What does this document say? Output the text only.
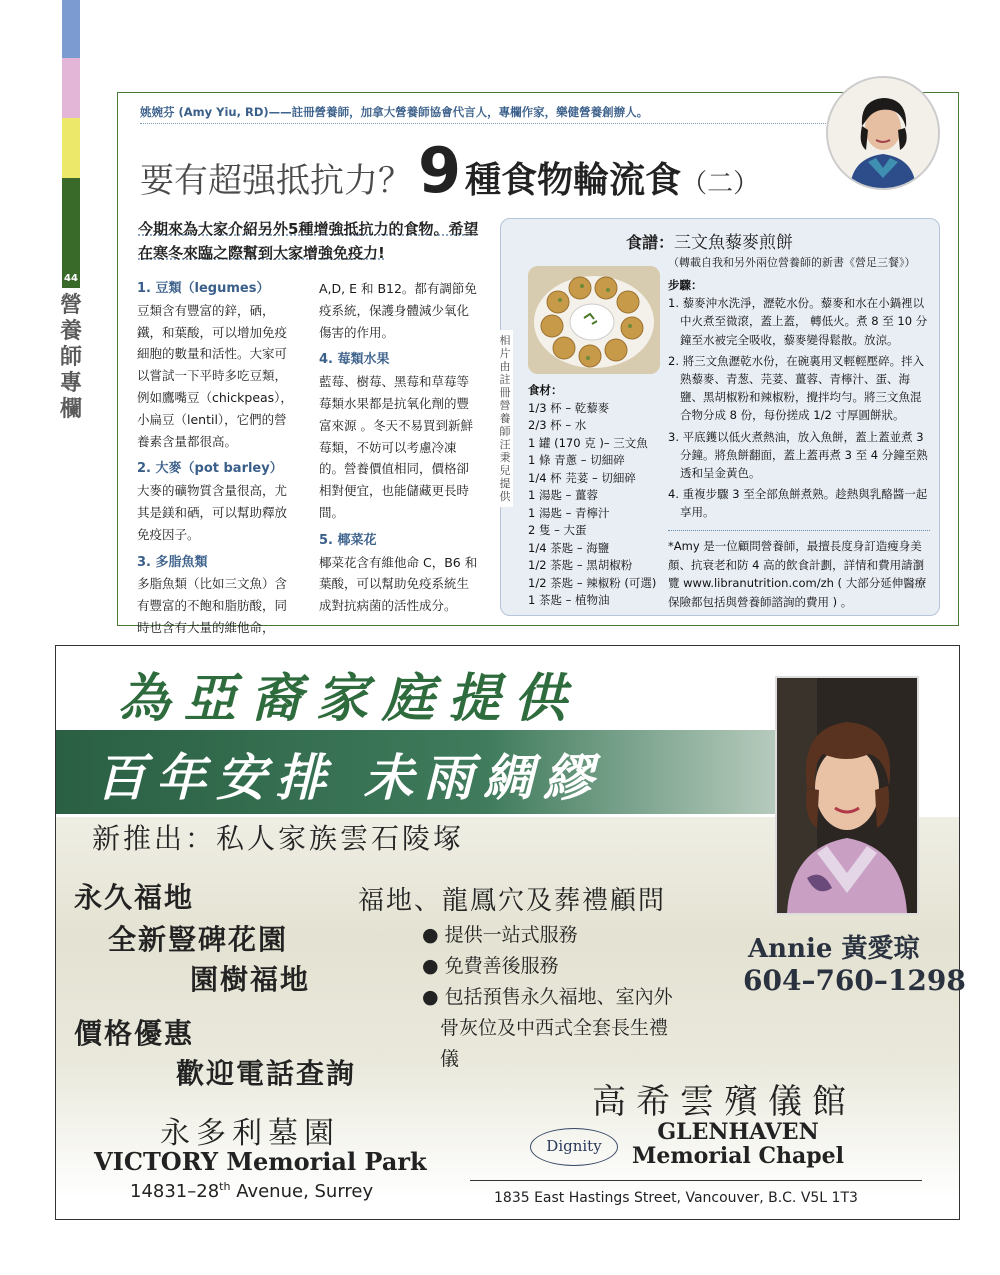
44
營養師專欄
姚婉芬 (Amy Yiu, RD)——註冊營養師，加拿大營養師協會代言人，專欄作家，樂健營養創辦人。
要有超强抵抗力？9 種食物輪流食（二）
今期來為大家介紹另外5種增強抵抗力的食物。希望在寒冬來臨之際幫到大家增強免疫力!
1. 豆類（legumes）
豆類含有豐富的鋅，硒，鐵，和葉酸，可以增加免疫細胞的數量和活性。大家可以嘗試一下平時多吃豆類，例如鷹嘴豆（chickpeas），小扁豆（lentil），它們的營養素含量都很高。
2. 大麥（pot barley）
大麥的礦物質含量很高，尤其是鎂和硒，可以幫助釋放免疫因子。
3. 多脂魚類
多脂魚類（比如三文魚）含有豐富的不飽和脂肪酸，同時也含有大量的維他命，
A,D, E 和 B12。都有調節免疫系統，保護身體減少氧化傷害的作用。
4. 莓類水果
藍莓、樹莓、黑莓和草莓等莓類水果都是抗氧化劑的豐富來源 。冬天不易買到新鮮莓類，不妨可以考慮冷凍的。營養價值相同，價格卻相對便宜，也能儲藏更長時間。
5. 椰菜花
椰菜花含有維他命 C，B6 和葉酸，可以幫助免疫系統生成對抗病菌的活性成分。
食譜：三文魚藜麥煎餅
（轉載自我和另外兩位營養師的新書《營足三餐》）
相片由註冊營養師汪秉兒提供
食材：
1/3 杯 – 乾藜麥
2/3 杯 – 水
1 罐 (170 克 )– 三文魚
1 條 青蔥 – 切細碎
1/4 杯 芫荽 – 切細碎
1 湯匙 – 薑蓉
1 湯匙 – 青檸汁
2 隻 – 大蛋
1/4 茶匙 – 海鹽
1/2 茶匙 – 黑胡椒粉
1/2 茶匙 – 辣椒粉 (可選)
1 茶匙 – 植物油
步驟：
1. 藜麥沖水洗淨，瀝乾水份。藜麥和水在小鍋裡以中火煮至微滾，蓋上蓋， 轉低火。煮 8 至 10 分鐘至水被完全吸收，藜麥變得鬆散。放涼。
2. 將三文魚瀝乾水份，在碗裏用叉輕輕壓碎。拌入熟藜麥、青葱、芫荽、薑蓉、青檸汁、蛋、海鹽、黑胡椒粉和辣椒粉，攪拌均勻。將三文魚混合物分成 8 份，每份搓成 1/2 寸厚圓餅狀。
3. 平底鑊以低火煮熱油，放入魚餅，蓋上蓋並煮 3 分鐘。將魚餅翻面，蓋上蓋再煮 3 至 4 分鐘至熟透和呈金黃色。
4. 重複步驟 3 至全部魚餅煮熟。趁熱與乳酪醬一起享用。
*Amy 是一位顧問營養師，最擅長度身訂造瘦身美顏、抗衰老和防 4 高的飲食計劃，詳情和費用請瀏覽 www.libranutrition.com/zh ( 大部分延伸醫療保險都包括與營養師諮詢的費用 ) 。
為亞裔家庭提供
百年安排 未雨綢繆
新推出：私人家族雲石陵塚
永久福地
全新豎碑花園
園樹福地
價格優惠
歡迎電話查詢
福地、龍鳳穴及葬禮顧問
● 提供一站式服務
● 免費善後服務
● 包括預售永久福地、室內外骨灰位及中西式全套長生禮儀
Annie 黃愛琼
604–760–1298
永多利墓園
VICTORY Memorial Park
14831–28th Avenue, Surrey
高希雲殯儀館
Dignity
GLENHAVEN
Memorial Chapel
1835 East Hastings Street, Vancouver, B.C. V5L 1T3
